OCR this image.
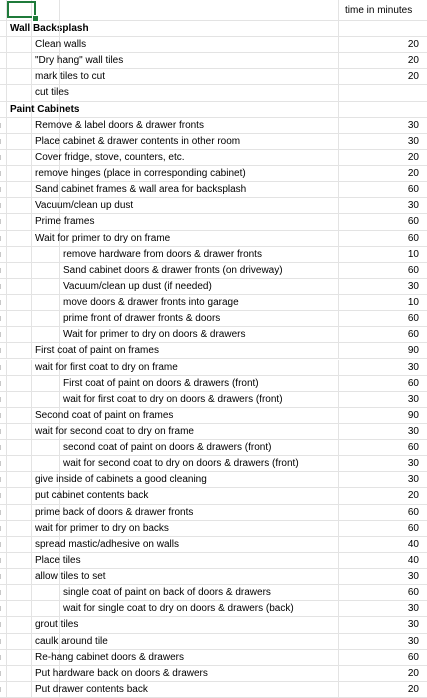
time in minutes
Wall Backsplash
Clean walls	20
"Dry hang" wall tiles	20
mark tiles to cut	20
cut tiles
Paint Cabinets
Remove & label doors & drawer fronts	30
Place cabinet & drawer contents in other room	30
Cover fridge, stove, counters, etc.	20
remove hinges (place in corresponding cabinet)	20
Sand cabinet frames & wall area for backsplash	60
Vacuum/clean up dust	30
Prime frames	60
Wait for primer to dry on frame	60
remove hardware from doors & drawer fronts	10
Sand cabinet doors & drawer fronts (on driveway)	60
Vacuum/clean up dust (if needed)	30
move doors & drawer fronts into garage	10
prime front of drawer fronts & doors	60
Wait for primer to dry on doors & drawers	60
First coat of paint on frames	90
wait for first coat to dry on frame	30
First coat of paint on doors & drawers (front)	60
wait for first coat to dry on doors & drawers (front)	30
Second coat of paint on frames	90
wait for second coat to dry on frame	30
second coat of paint on doors & drawers (front)	60
wait for second coat to dry on doors & drawers (front)	30
give inside of cabinets a good cleaning	30
put cabinet contents back	20
prime back of doors & drawer fronts	60
wait for primer to dry on backs	60
spread mastic/adhesive on walls	40
Place tiles	40
allow tiles to set	30
single coat of paint on back of doors & drawers	60
wait for single coat to dry on doors & drawers (back)	30
grout tiles	30
caulk around tile	30
Re-hang cabinet doors & drawers	60
Put hardware back on doors & drawers	20
Put drawer contents back	20
